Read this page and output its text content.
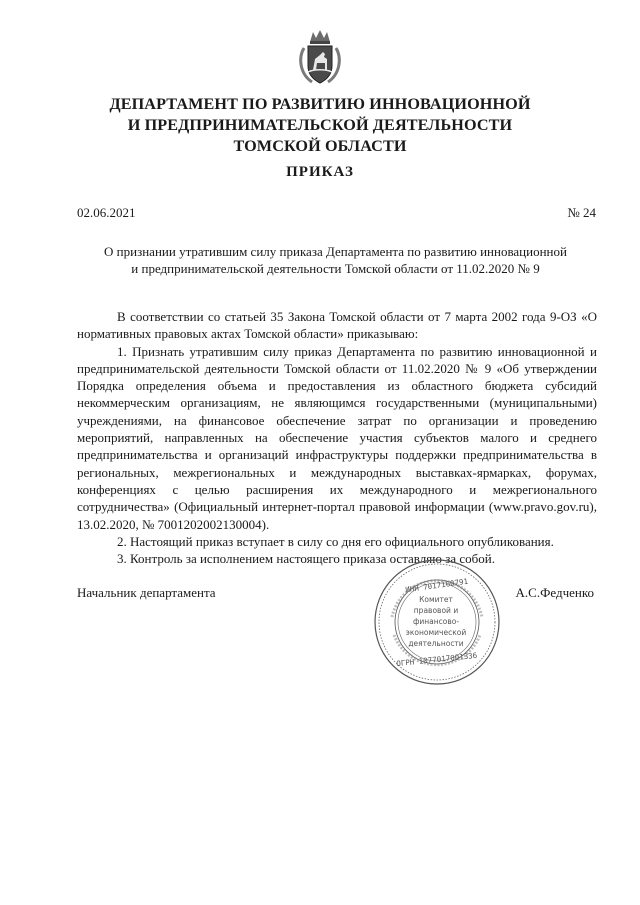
ДЕПАРТАМЕНТ ПО РАЗВИТИЮ ИННОВАЦИОННОЙ
И ПРЕДПРИНИМАТЕЛЬСКОЙ ДЕЯТЕЛЬНОСТИ
ТОМСКОЙ ОБЛАСТИ
ПРИКАЗ
02.06.2021	№ 24
О признании утратившим силу приказа Департамента по развитию инновационной
и предпринимательской деятельности Томской области от 11.02.2020 № 9

В соответствии со статьей 35 Закона Томской области от 7 марта 2002 года 9-ОЗ «О нормативных правовых актах Томской области» приказываю:

1. Признать утратившим силу приказ Департамента по развитию инновационной и предпринимательской деятельности Томской области от 11.02.2020 № 9 «Об утверждении Порядка определения объема и предоставления из областного бюджета субсидий некоммерческим организациям, не являющимся государственными (муниципальными) учреждениями, на финансовое обеспечение затрат по организации и проведению мероприятий, направленных на обеспечение участия субъектов малого и среднего предпринимательства и организаций инфраструктуры поддержки предпринимательства в региональных, межрегиональных и международных выставках-ярмарках, форумах, конференциях с целью расширения их международного и межрегионального сотрудничества» (Официальный интернет-портал правовой информации (www.pravo.gov.ru), 13.02.2020, № 7001202002130004).

2. Настоящий приказ вступает в силу со дня его официального опубликования.

3. Контроль за исполнением настоящего приказа оставляю за собой.

Начальник департамента	А.С.Федченко
ИНН 7017160791
Комитет
правовой и
финансово-
экономической
деятельности
ОГРН 1077017001336
